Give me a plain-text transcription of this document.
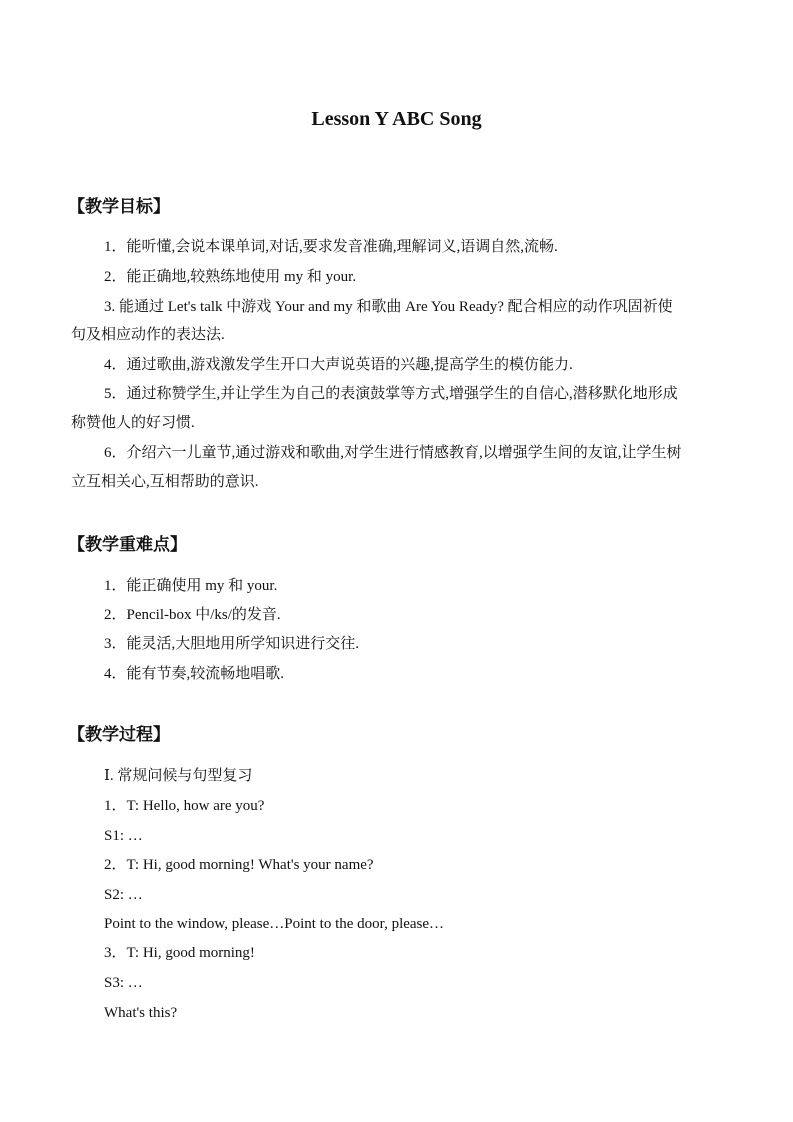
Lesson Y ABC Song
【教学目标】
1．能听懂,会说本课单词,对话,要求发音准确,理解词义,语调自然,流畅.
2．能正确地,较熟练地使用 my 和 your.
3. 能通过 Let's talk 中游戏 Your and my 和歌曲 Are You Ready? 配合相应的动作巩固祈使
句及相应动作的表达法.
4．通过歌曲,游戏激发学生开口大声说英语的兴趣,提高学生的模仿能力.
5．通过称赞学生,并让学生为自己的表演鼓掌等方式,增强学生的自信心,潜移默化地形成
称赞他人的好习惯.
6．介绍六一儿童节,通过游戏和歌曲,对学生进行情感教育,以增强学生间的友谊,让学生树
立互相关心,互相帮助的意识.
【教学重难点】
1．能正确使用 my 和 your.
2．Pencil-box 中/ks/的发音.
3．能灵活,大胆地用所学知识进行交往.
4．能有节奏,较流畅地唱歌.
【教学过程】
Ⅰ. 常规问候与句型复习
1．T: Hello, how are you?
S1: …
2．T: Hi, good morning! What's your name?
S2: …
Point to the window, please…Point to the door, please…
3．T: Hi, good morning!
S3: …
What's this?
